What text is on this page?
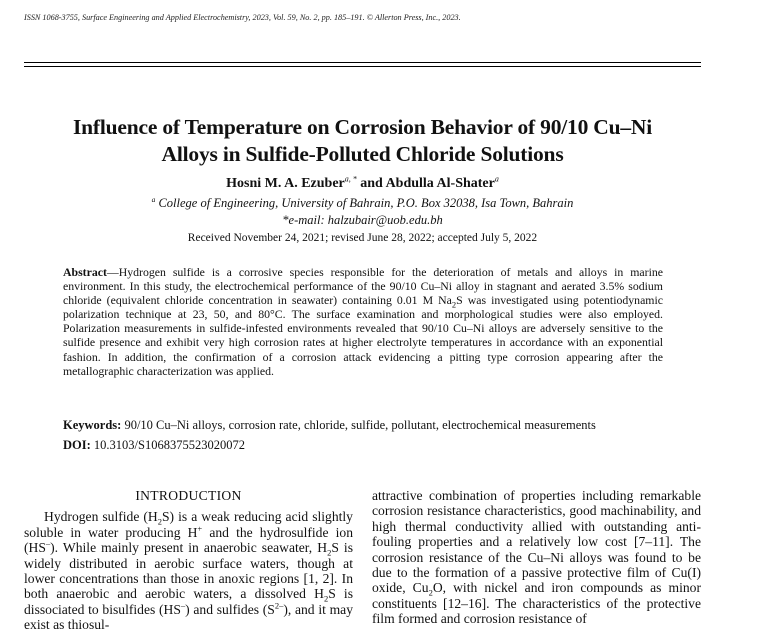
ISSN 1068-3755, Surface Engineering and Applied Electrochemistry, 2023, Vol. 59, No. 2, pp. 185–191. © Allerton Press, Inc., 2023.
Influence of Temperature on Corrosion Behavior of 90/10 Cu–Ni
Alloys in Sulfide-Polluted Chloride Solutions
Hosni M. A. Ezuber$^{a, *}$ and Abdulla Al-Shater$^a$
$^a$ College of Engineering, University of Bahrain, P.O. Box 32038, Isa Town, Bahrain
*e-mail: halzubair@uob.edu.bh
Received November 24, 2021; revised June 28, 2022; accepted July 5, 2022
Abstract—Hydrogen sulfide is a corrosive species responsible for the deterioration of metals and alloys in marine environment. In this study, the electrochemical performance of the 90/10 Cu–Ni alloy in stagnant and aerated 3.5% sodium chloride (equivalent chloride concentration in seawater) containing 0.01 M $Na_2S$ was investigated using potentiodynamic polarization technique at 23, 50, and 80°C. The surface examination and morphological studies were also employed. Polarization measurements in sulfide-infested environments revealed that 90/10 Cu–Ni alloys are adversely sensitive to the sulfide presence and exhibit very high corrosion rates at higher electrolyte temperatures in accordance with an exponential fashion. In addition, the confirmation of a corrosion attack evidencing a pitting type corrosion appearing after the metallographic characterization was applied.
Keywords: 90/10 Cu–Ni alloys, corrosion rate, chloride, sulfide, pollutant, electrochemical measurements
DOI: 10.3103/S1068375523020072
INTRODUCTION

Hydrogen sulfide $(H_2S)$ is a weak reducing acid slightly soluble in water producing H+ and the hydrosulfide ion (HS–). While mainly present in anaerobic seawater, $H_2S$ is widely distributed in aerobic surface waters, though at lower concentrations than those in anoxic regions [1, 2]. In both anaerobic and aerobic waters, a dissolved $H_2S$ is dissociated to bisulfides (HS–) and sulfides $(S^{2-})$, and it may exist as thiosul-

attractive combination of properties including remarkable corrosion resistance characteristics, good machinability, and high thermal conductivity allied with outstanding anti-fouling properties and a relatively low cost [7–11]. The corrosion resistance of the Cu–Ni alloys was found to be due to the formation of a passive protective film of Cu(I) oxide, $Cu_2O$, with nickel and iron compounds as minor constituents [12–16]. The characteristics of the protective film formed and corrosion resistance of
